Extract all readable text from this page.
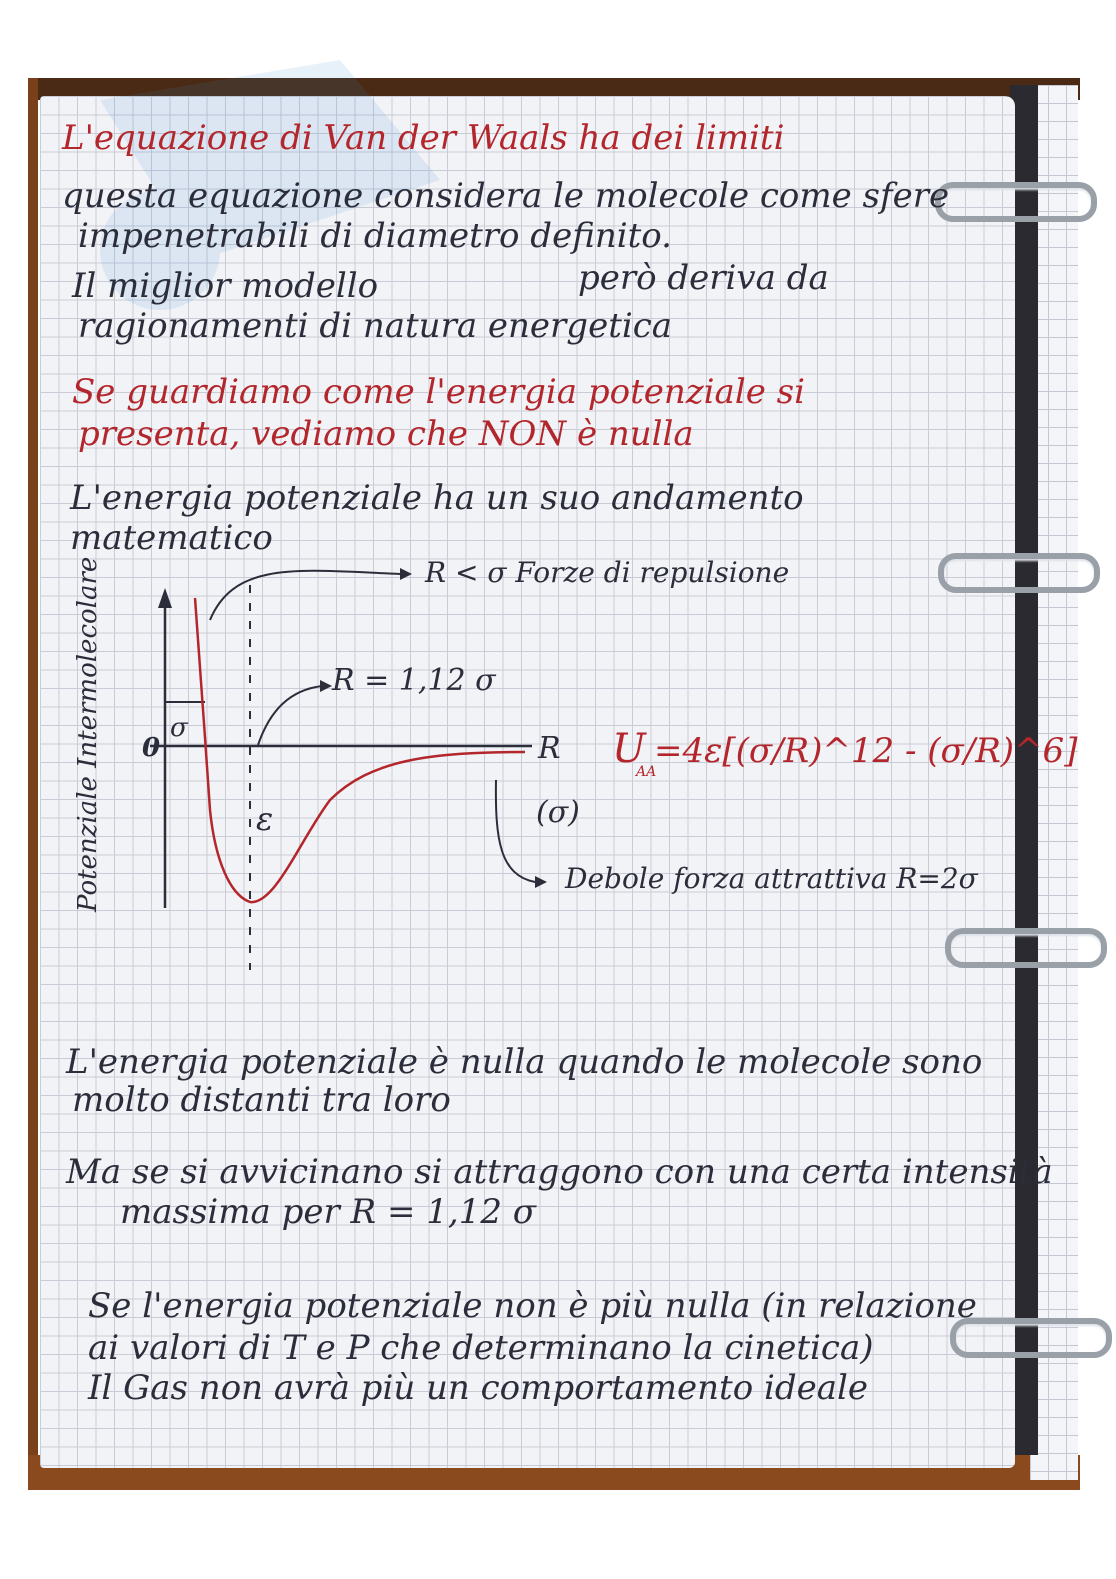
L'equazione di Van der Waals ha dei limiti
questa equazione considera le molecole come sfere
impenetrabili di diametro definito.
Il miglior modello	però deriva da
ragionamenti di natura energetica
Se guardiamo come l'energia potenziale si
presenta, vediamo che NON è nulla
L'energia potenziale ha un suo andamento
matematico
R
0
Potenziale Intermolecolare	σ
ε
R < σ Forze di repulsione
R = 1,12 σ
(σ)
Debole forza attrattiva R=2σ
U
AA
=4ε[(σ/R)^12 - (σ/R)^6]
L'energia potenziale è nulla quando le molecole sono
molto distanti tra loro
Ma se si avvicinano si attraggono con una certa intensità
massima per R = 1,12 σ
Se l'energia potenziale non è più nulla (in relazione
ai valori di T e P che determinano la cinetica)
Il Gas non avrà più un comportamento ideale
